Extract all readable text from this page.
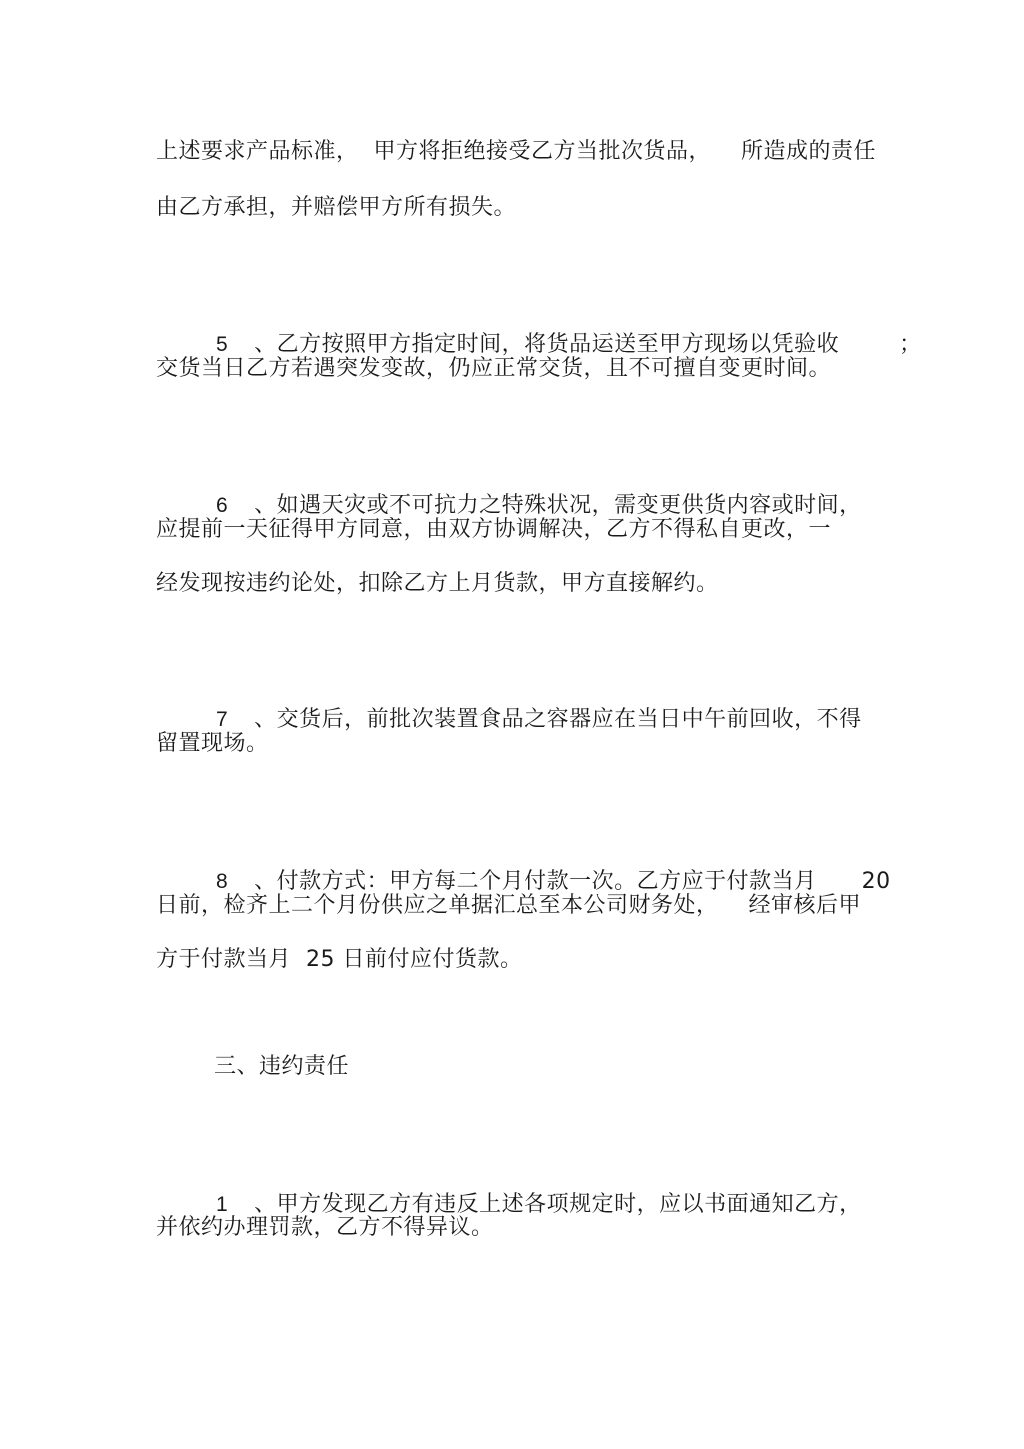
上述要求产品标准，  甲方将拒绝接受乙方当批次货品，    所造成的责任
由乙方承担，并赔偿甲方所有损失。

5 、乙方按照甲方指定时间，将货品运送至甲方现场以凭验收        ；

交货当日乙方若遇突发变故，仍应正常交货，且不可擅自变更时间。

6 、如遇天灾或不可抗力之特殊状况，需变更供货内容或时间，

应提前一天征得甲方同意，由双方协调解决，乙方不得私自更改，一
经发现按违约论处，扣除乙方上月货款，甲方直接解约。

7 、交货后，前批次装置食品之容器应在当日中午前回收，不得

留置现场。

8 、付款方式：甲方每二个月付款一次。乙方应于付款当月      20

日前，检齐上二个月份供应之单据汇总至本公司财务处，    经审核后甲
方于付款当月  25 日前付应付货款。
三、违约责任

1 、甲方发现乙方有违反上述各项规定时，应以书面通知乙方，

并依约办理罚款，乙方不得异议。
